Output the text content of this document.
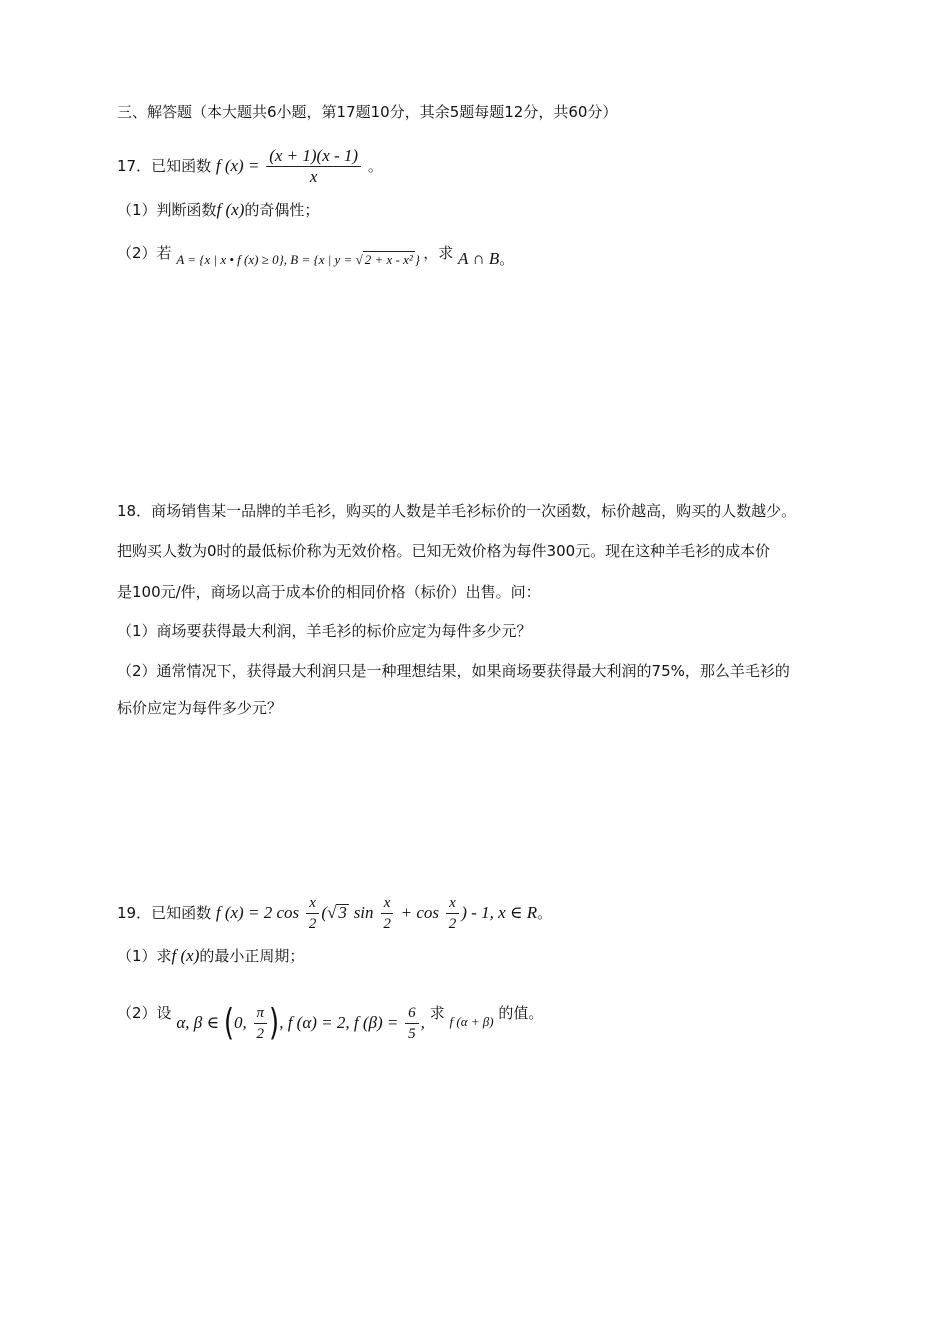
三、解答题（本大题共6小题，第17题10分，其余5题每题12分，共60分）
17．已知函数 f $(x) = \frac{(x + 1)(x - 1)}{x}$ 。
（1）判断函数f (x)的奇偶性；
（2）若 A = {x | x • f (x) ≥ 0}, B = {x | y = √ 2 + x - x² } ，求 A ∩ B。
18．商场销售某一品牌的羊毛衫，购买的人数是羊毛衫标价的一次函数，标价越高，购买的人数越少。
把购买人数为0时的最低标价称为无效价格。已知无效价格为每件300元。现在这种羊毛衫的成本价
是100元/件，商场以高于成本价的相同价格（标价）出售。问：
（1）商场要获得最大利润，羊毛衫的标价应定为每件多少元？
（2）通常情况下，获得最大利润只是一种理想结果，如果商场要获得最大利润的75%，那么羊毛衫的
标价应定为每件多少元？
19．已知函数 f (x) = 2 $\cos \frac{x}{2}$ (√ 3 $\sin \frac{x}{2} + \cos \frac{x}{2}$ ) - 1, x ∈ R。
（1）求f (x)的最小正周期；
（2）设 α, β ∈ (0, $\frac{\pi}{2}$ ), f (α) = 2, f $(\beta) = \frac{6}{5}$ , 求 f (α + β) 的值。
